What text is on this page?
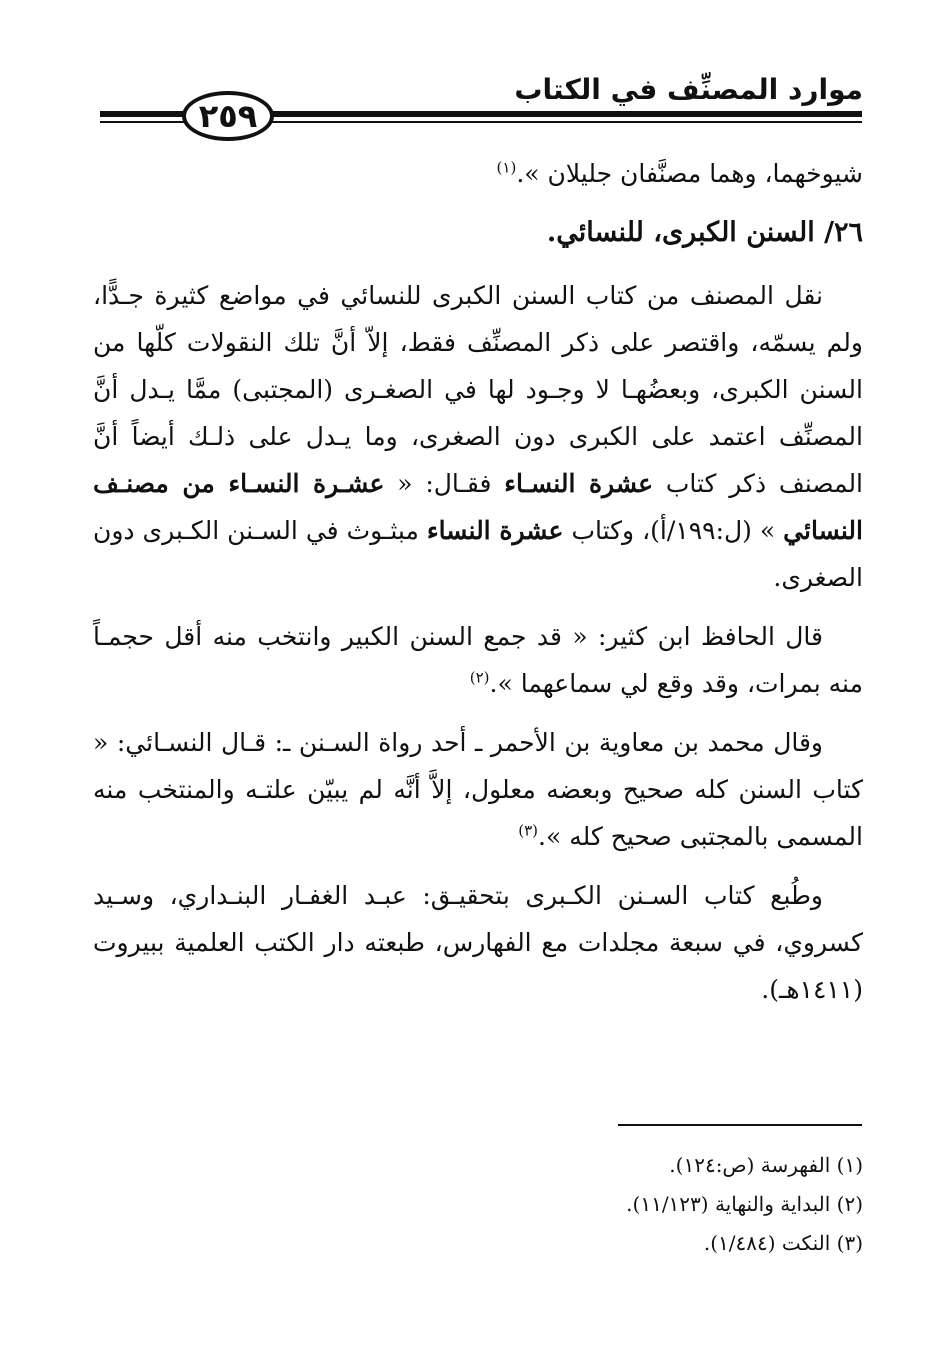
موارد المصنِّف في الكتاب
٢٥٩

شيوخهما، وهما مصنَّفان جليلان ».$^{(١)}$

٢٦/ السنن الكبرى، للنسائي.

نقل المصنف من كتاب السنن الكبرى للنسائي في مواضع كثيرة جـدًّا، ولم يسمّه، واقتصر على ذكر المصنِّف فقط، إلاّ أنَّ تلك النقولات كلّها من السنن الكبرى، وبعضُهـا لا وجـود لها في الصغـرى (المجتبى) ممَّا يـدل أنَّ المصنِّف اعتمد على الكبرى دون الصغرى، وما يـدل على ذلـك أيضاً أنَّ المصنف ذكر كتاب عشرة النسـاء فقـال: « عشـرة النسـاء من مصنـف النسائي » (ل:١٩٩/أ)، وكتاب عشرة النساء مبثـوث في السـنن الكـبرى دون الصغرى.

قال الحافظ ابن كثير: « قد جمع السنن الكبير وانتخب منه أقل حجمـاً منه بمرات، وقد وقع لي سماعهما ».$^{(٢)}$

وقال محمد بن معاوية بن الأحمر ـ أحد رواة السـنن ـ: قـال النسـائي: « كتاب السنن كله صحيح وبعضه معلول، إلاَّ أنَّه لم يبيّن علتـه والمنتخب منه المسمى بالمجتبى صحيح كله ».$^{(٣)}$

وطُبع كتاب السـنن الكـبرى بتحقيـق: عبـد الغفـار البنـداري، وسـيد كسروي، في سبعة مجلدات مع الفهارس، طبعته دار الكتب العلمية ببيروت (١٤١١هـ).

(١) الفهرسة (ص:١٢٤).

(٢) البداية والنهاية (١١/١٢٣).

(٣) النكت (١/٤٨٤).
